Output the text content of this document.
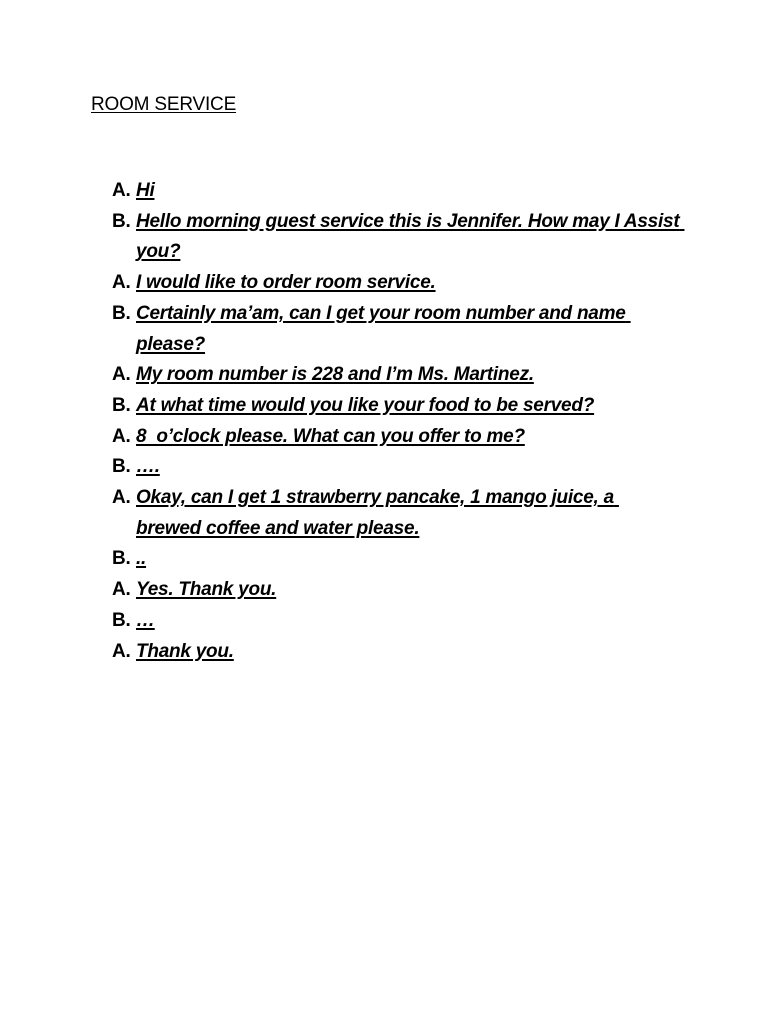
ROOM SERVICE
A. Hi
B. Hello morning guest service this is Jennifer. How may I Assist you?
A. I would like to order room service.
B. Certainly ma’am, can I get your room number and name please?
A. My room number is 228 and I’m Ms. Martinez.
B. At what time would you like your food to be served?
A. 8  o’clock please. What can you offer to me?
B. ….
A. Okay, can I get 1 strawberry pancake, 1 mango juice, a brewed coffee and water please.
B. ..
A. Yes. Thank you.
B. …
A. Thank you.
